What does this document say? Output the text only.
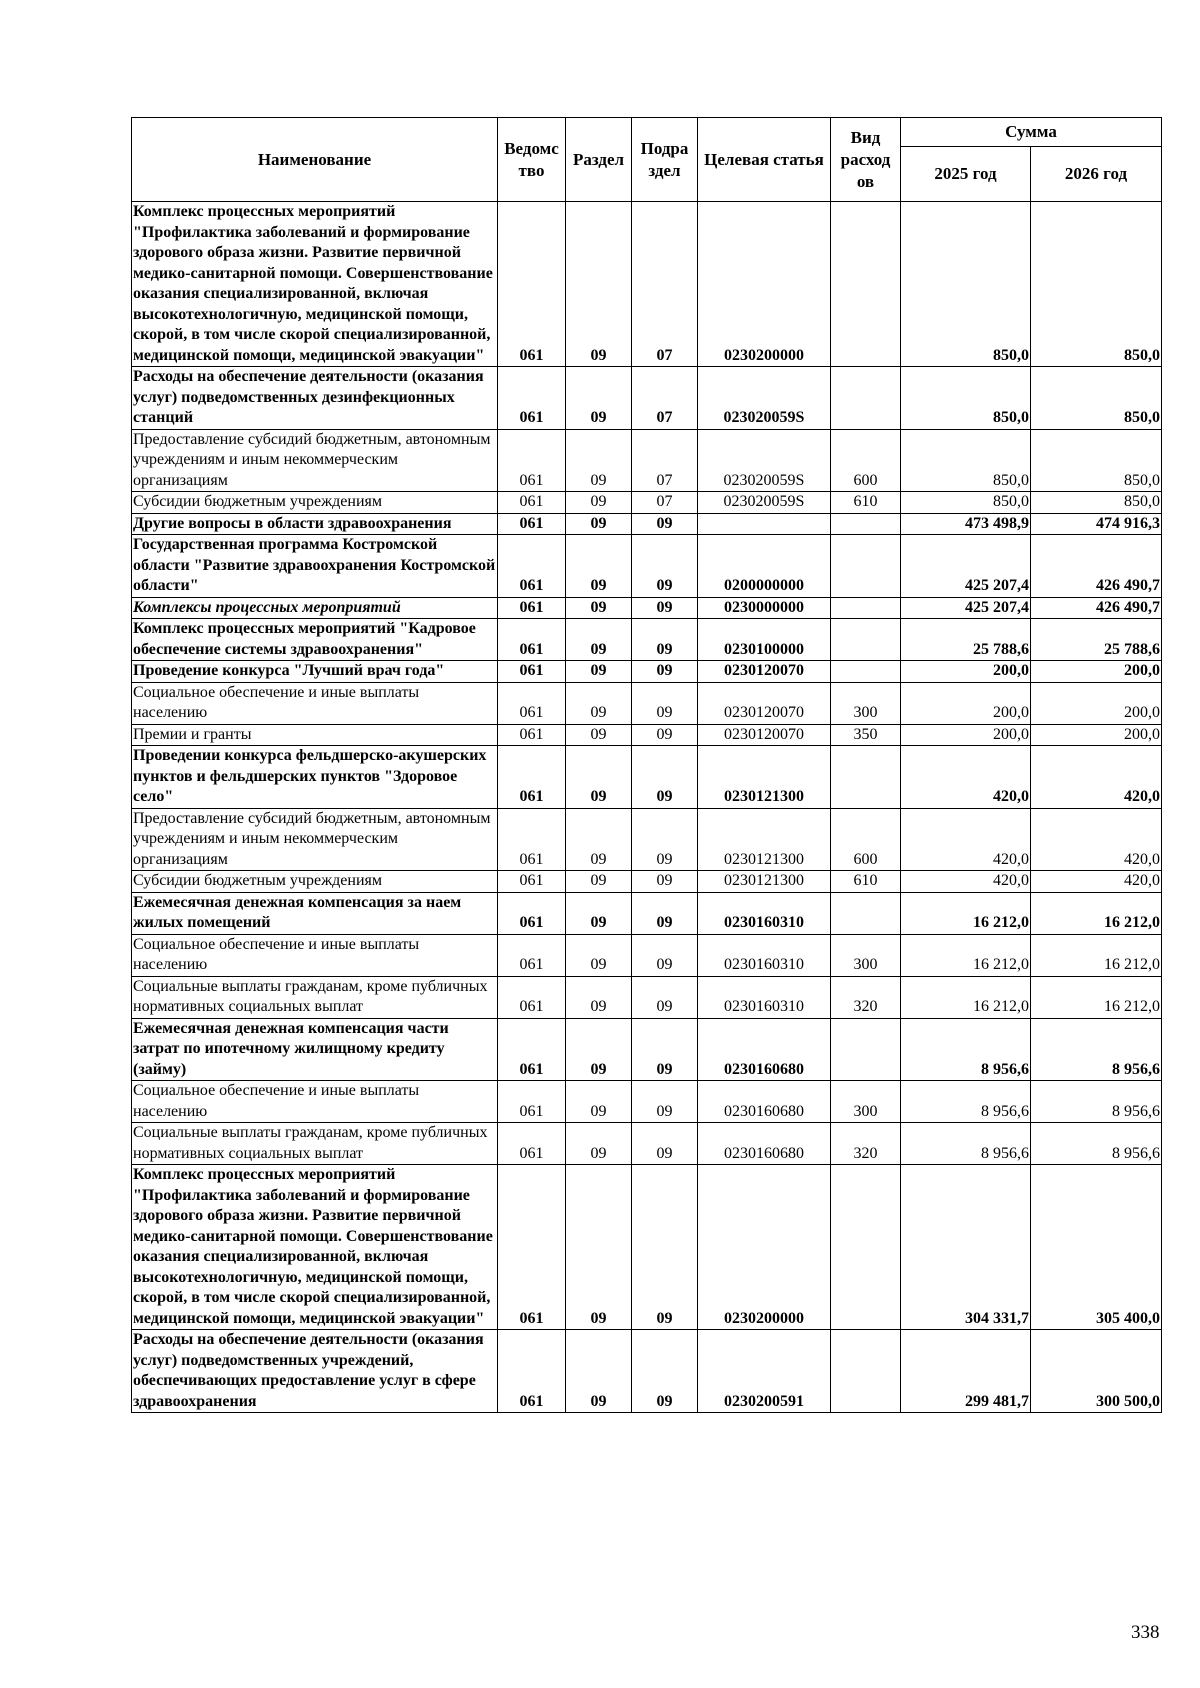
Наименование	Ведомс тво	Раздел	Подра здел	Целевая статья	Вид расход ов	Сумма	
						2025 год	2026 год
Комплекс процессных мероприятий "Профилактика заболеваний и формирование здорового образа жизни. Развитие первичной медико-санитарной помощи. Совершенствование оказания специализированной, включая высокотехнологичную, медицинской помощи, скорой, в том числе скорой специализированной, медицинской помощи, медицинской эвакуации"	061	09	07	0230200000		850,0	850,0
Расходы на обеспечение деятельности (оказания услуг) подведомственных дезинфекционных станций	061	09	07	023020059S		850,0	850,0
Предоставление субсидий бюджетным, автономным учреждениям и иным некоммерческим организациям	061	09	07	023020059S	600	850,0	850,0
Субсидии бюджетным учреждениям	061	09	07	023020059S	610	850,0	850,0
Другие вопросы в области здравоохранения	061	09	09			473 498,9	474 916,3
Государственная программа Костромской области "Развитие здравоохранения Костромской области"	061	09	09	0200000000		425 207,4	426 490,7
Комплексы процессных мероприятий	061	09	09	0230000000		425 207,4	426 490,7
Комплекс процессных мероприятий "Кадровое обеспечение системы здравоохранения"	061	09	09	0230100000		25 788,6	25 788,6
Проведение конкурса "Лучший врач года"	061	09	09	0230120070		200,0	200,0
Социальное обеспечение и иные выплаты населению	061	09	09	0230120070	300	200,0	200,0
Премии и гранты	061	09	09	0230120070	350	200,0	200,0
Проведении конкурса фельдшерско-акушерских пунктов и фельдшерских пунктов "Здоровое село"	061	09	09	0230121300		420,0	420,0
Предоставление субсидий бюджетным, автономным учреждениям и иным некоммерческим организациям	061	09	09	0230121300	600	420,0	420,0
Субсидии бюджетным учреждениям	061	09	09	0230121300	610	420,0	420,0
Ежемесячная денежная компенсация за наем жилых помещений	061	09	09	0230160310		16 212,0	16 212,0
Социальное обеспечение и иные выплаты населению	061	09	09	0230160310	300	16 212,0	16 212,0
Социальные выплаты гражданам, кроме публичных нормативных социальных выплат	061	09	09	0230160310	320	16 212,0	16 212,0
Ежемесячная денежная компенсация части затрат по ипотечному жилищному кредиту (займу)	061	09	09	0230160680		8 956,6	8 956,6
Социальное обеспечение и иные выплаты населению	061	09	09	0230160680	300	8 956,6	8 956,6
Социальные выплаты гражданам, кроме публичных нормативных социальных выплат	061	09	09	0230160680	320	8 956,6	8 956,6
Комплекс процессных мероприятий "Профилактика заболеваний и формирование здорового образа жизни. Развитие первичной медико-санитарной помощи. Совершенствование оказания специализированной, включая высокотехнологичную, медицинской помощи, скорой, в том числе скорой специализированной, медицинской помощи, медицинской эвакуации"	061	09	09	0230200000		304 331,7	305 400,0
Расходы на обеспечение деятельности (оказания услуг) подведомственных учреждений, обеспечивающих предоставление услуг в сфере здравоохранения	061	09	09	0230200591		299 481,7	300 500,0
338
